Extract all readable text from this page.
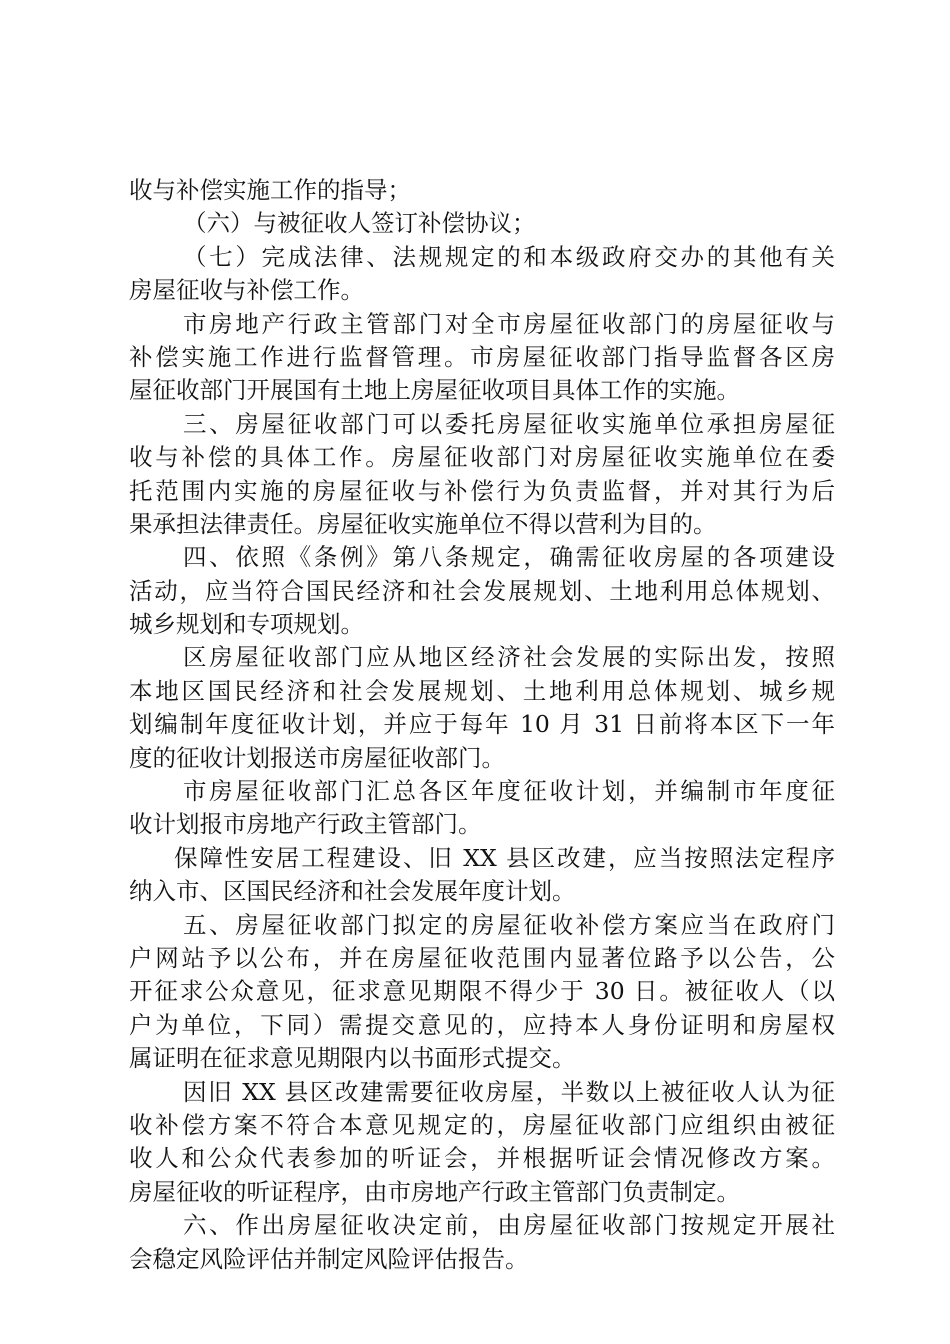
收与补偿实施工作的指导；
（六）与被征收人签订补偿协议；
（七）完成法律、法规规定的和本级政府交办的其他有关
房屋征收与补偿工作。
市房地产行政主管部门对全市房屋征收部门的房屋征收与
补偿实施工作进行监督管理。市房屋征收部门指导监督各区房
屋征收部门开展国有土地上房屋征收项目具体工作的实施。
三、房屋征收部门可以委托房屋征收实施单位承担房屋征
收与补偿的具体工作。房屋征收部门对房屋征收实施单位在委
托范围内实施的房屋征收与补偿行为负责监督，并对其行为后
果承担法律责任。房屋征收实施单位不得以营利为目的。
四、依照《条例》第八条规定，确需征收房屋的各项建设
活动，应当符合国民经济和社会发展规划、土地利用总体规划、
城乡规划和专项规划。
区房屋征收部门应从地区经济社会发展的实际出发，按照
本地区国民经济和社会发展规划、土地利用总体规划、城乡规
划编制年度征收计划，并应于每年 10 月 31 日前将本区下一年
度的征收计划报送市房屋征收部门。
市房屋征收部门汇总各区年度征收计划，并编制市年度征
收计划报市房地产行政主管部门。
保障性安居工程建设、旧 XX 县区改建，应当按照法定程序
纳入市、区国民经济和社会发展年度计划。
五、房屋征收部门拟定的房屋征收补偿方案应当在政府门
户网站予以公布，并在房屋征收范围内显著位路予以公告，公
开征求公众意见，征求意见期限不得少于 30 日。被征收人（以
户为单位，下同）需提交意见的，应持本人身份证明和房屋权
属证明在征求意见期限内以书面形式提交。
因旧 XX 县区改建需要征收房屋，半数以上被征收人认为征
收补偿方案不符合本意见规定的，房屋征收部门应组织由被征
收人和公众代表参加的听证会，并根据听证会情况修改方案。
房屋征收的听证程序，由市房地产行政主管部门负责制定。
六、作出房屋征收决定前，由房屋征收部门按规定开展社
会稳定风险评估并制定风险评估报告。
